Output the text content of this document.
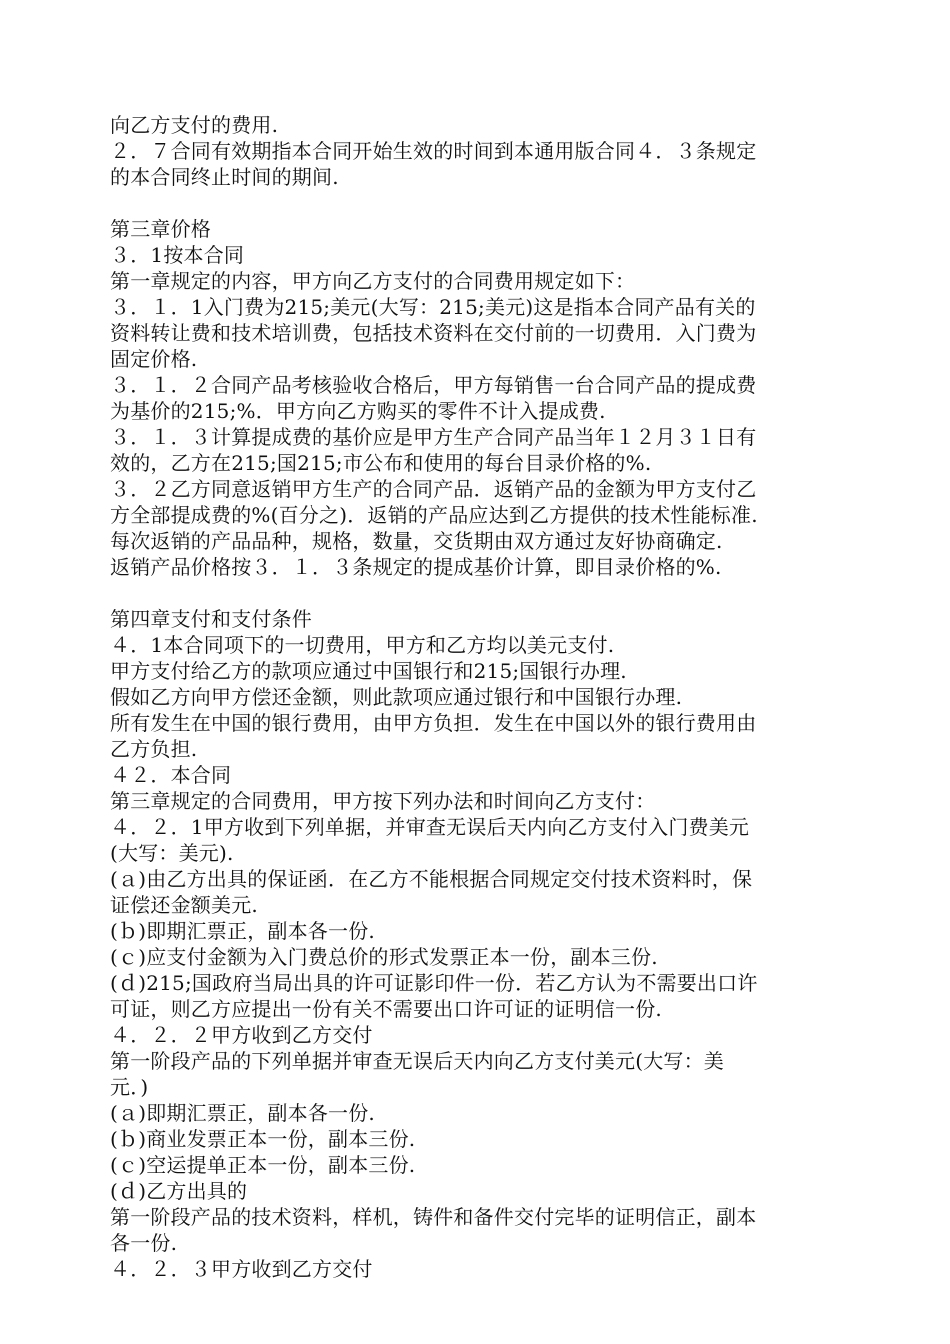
向乙方支付的费用.
２．７合同有效期指本合同开始生效的时间到本通用版合同４．３条规定
的本合同终止时间的期间.
第三章价格
３．1按本合同
第一章规定的内容，甲方向乙方支付的合同费用规定如下：
３．１．1入门费为215;美元(大写：215;美元)这是指本合同产品有关的
资料转让费和技术培训费，包括技术资料在交付前的一切费用．入门费为
固定价格.
３．１．２合同产品考核验收合格后，甲方每销售一台合同产品的提成费
为基价的215;%．甲方向乙方购买的零件不计入提成费.
３．１．３计算提成费的基价应是甲方生产合同产品当年１２月３１日有
效的，乙方在215;国215;市公布和使用的每台目录价格的%.
３．２乙方同意返销甲方生产的合同产品．返销产品的金额为甲方支付乙
方全部提成费的%(百分之)．返销的产品应达到乙方提供的技术性能标准.
每次返销的产品品种，规格，数量，交货期由双方通过友好协商确定.
返销产品价格按３．１．３条规定的提成基价计算，即目录价格的%.
第四章支付和支付条件
４．1本合同项下的一切费用，甲方和乙方均以美元支付.
甲方支付给乙方的款项应通过中国银行和215;国银行办理.
假如乙方向甲方偿还金额，则此款项应通过银行和中国银行办理.
所有发生在中国的银行费用，由甲方负担．发生在中国以外的银行费用由
乙方负担.
４２．本合同
第三章规定的合同费用，甲方按下列办法和时间向乙方支付：
４．２．1甲方收到下列单据，并审查无误后天内向乙方支付入门费美元
(大写：美元).
(ａ)由乙方出具的保证函．在乙方不能根据合同规定交付技术资料时，保
证偿还金额美元.
(ｂ)即期汇票正，副本各一份.
(ｃ)应支付金额为入门费总价的形式发票正本一份，副本三份.
(ｄ)215;国政府当局出具的许可证影印件一份．若乙方认为不需要出口许
可证，则乙方应提出一份有关不需要出口许可证的证明信一份.
４．２．２甲方收到乙方交付
第一阶段产品的下列单据并审查无误后天内向乙方支付美元(大写：美
元．)
(ａ)即期汇票正，副本各一份.
(ｂ)商业发票正本一份，副本三份.
(ｃ)空运提单正本一份，副本三份.
(ｄ)乙方出具的
第一阶段产品的技术资料，样机，铸件和备件交付完毕的证明信正，副本
各一份.
４．２．３甲方收到乙方交付
